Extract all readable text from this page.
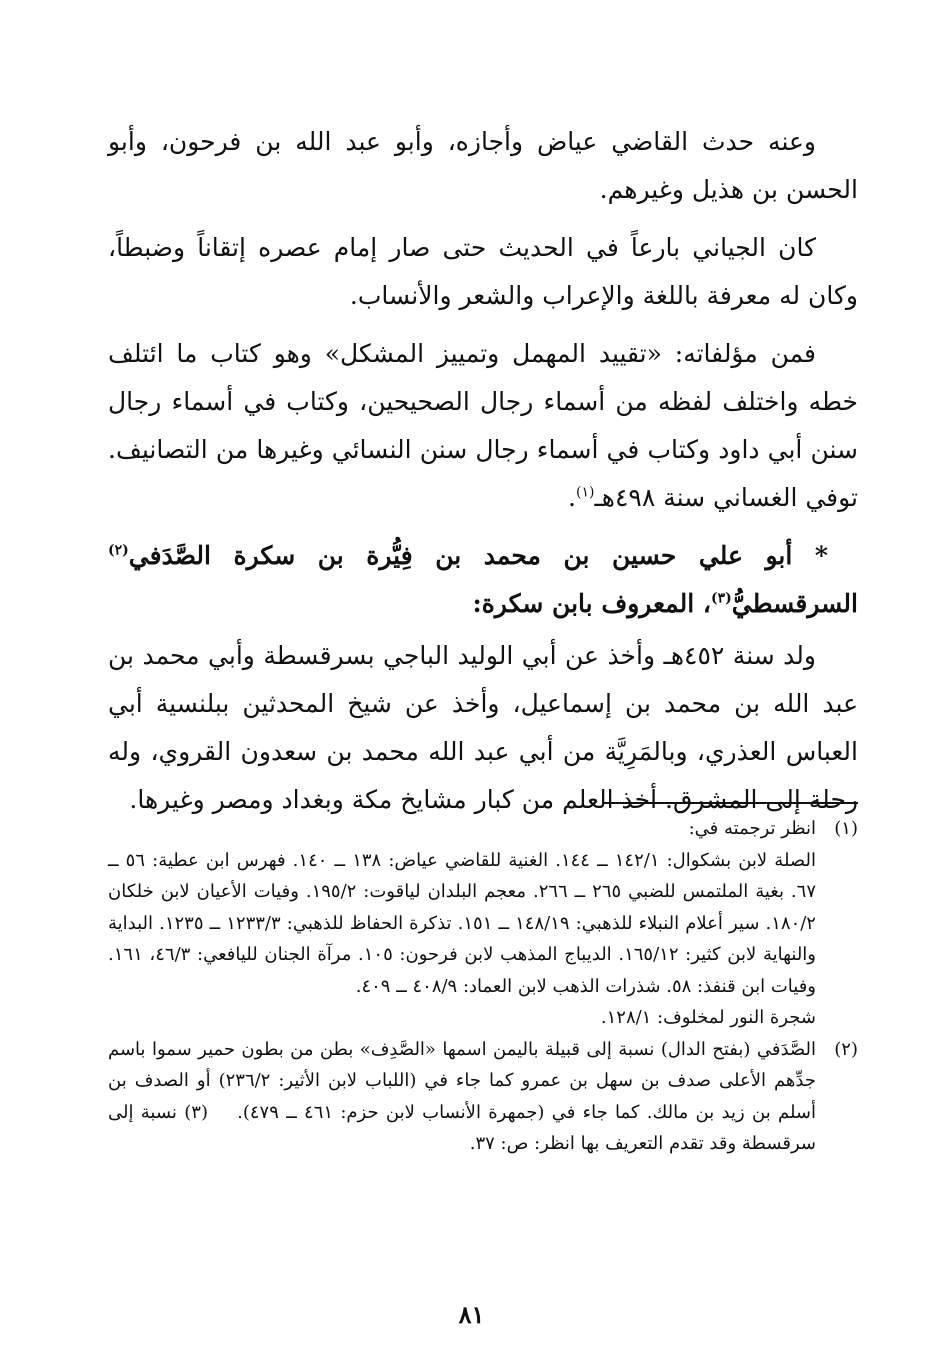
وعنه حدث القاضي عياض وأجازه، وأبو عبد الله بن فرحون، وأبو الحسن بن هذيل وغيرهم.

كان الجياني بارعاً في الحديث حتى صار إمام عصره إتقاناً وضبطاً، وكان له معرفة باللغة والإعراب والشعر والأنساب.

فمن مؤلفاته: «تقييد المهمل وتمييز المشكل» وهو كتاب ما ائتلف خطه واختلف لفظه من أسماء رجال الصحيحين، وكتاب في أسماء رجال سنن أبي داود وكتاب في أسماء رجال سنن النسائي وغيرها من التصانيف. توفي الغساني سنة ٤٩٨هـ$^{(١)}$.

* أبو علي حسين بن محمد بن فِيُّرة بن سكرة الصَّدَفي$^{(٢)}$ السرقسطيُّ$^{(٣)}$، المعروف بابن سكرة:

ولد سنة ٤٥٢هـ وأخذ عن أبي الوليد الباجي بسرقسطة وأبي محمد بن عبد الله بن محمد بن إسماعيل، وأخذ عن شيخ المحدثين ببلنسية أبي العباس العذري، وبالمَرِيَّة من أبي عبد الله محمد بن سعدون القروي، وله رحلة إلى المشرق. أخذ العلم من كبار مشايخ مكة وبغداد ومصر وغيرها.

(١)
انظر ترجمته في:
الصلة لابن بشكوال: ١٤٢/١ ــ ١٤٤. الغنية للقاضي عياض: ١٣٨ ــ ١٤٠. فهرس ابن عطية: ٥٦ ــ ٦٧. بغية الملتمس للضبي ٢٦٥ ــ ٢٦٦. معجم البلدان لياقوت: ١٩٥/٢. وفيات الأعيان لابن خلكان ١٨٠/٢. سير أعلام النبلاء للذهبي: ١٤٨/١٩ ــ ١٥١. تذكرة الحفاظ للذهبي: ١٢٣٣/٣ ــ ١٢٣٥. البداية والنهاية لابن كثير: ١٦٥/١٢. الديباج المذهب لابن فرحون: ١٠٥. مرآة الجنان لليافعي: ٤٦/٣، ١٦١. وفيات ابن قنفذ: ٥٨. شذرات الذهب لابن العماد: ٤٠٨/٩ ــ ٤٠٩.
شجرة النور لمخلوف: ١٢٨/١.
(٢)
الصَّدَفي (بفتح الدال) نسبة إلى قبيلة باليمن اسمها «الصَّدِف» بطن من بطون حمير سموا باسم جدِّهم الأعلى صدف بن سهل بن عمرو كما جاء في (اللباب لابن الأثير: ٢٣٦/٢) أو الصدف بن أسلم بن زيد بن مالك. كما جاء في (جمهرة الأنساب لابن حزم: ٤٦١ ــ ٤٧٩).    (٣) نسبة إلى سرقسطة وقد تقدم التعريف بها انظر: ص: ٣٧.
٨١
